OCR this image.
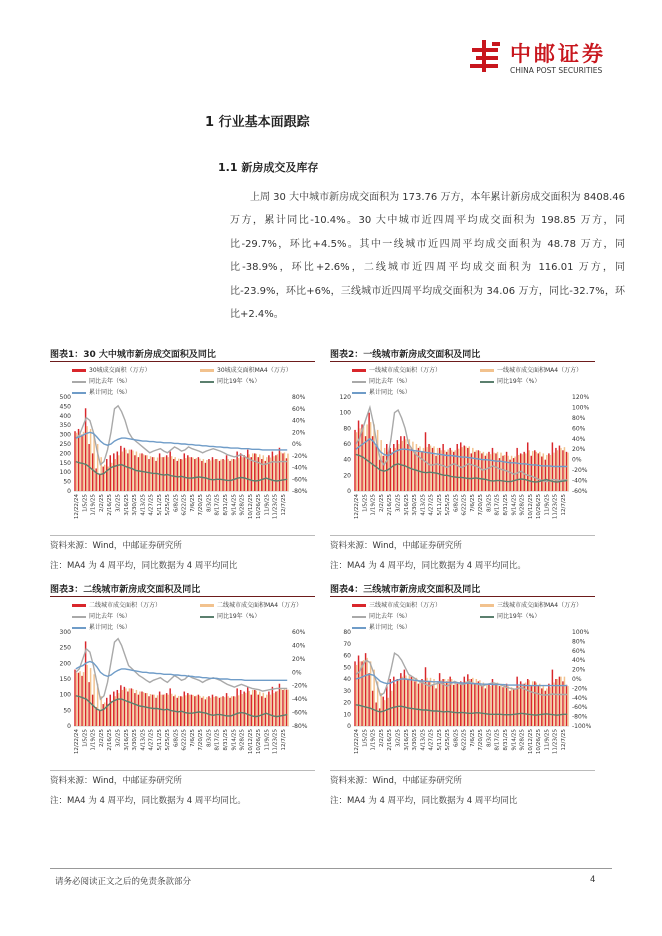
中邮证券
CHINA POST SECURITIES
1 行业基本面跟踪
1.1 新房成交及库存
上周 30 大中城市新房成交面积为 173.76 万方，本年累计新房成交面积为 8408.46 万方，累计同比-10.4%。30 大中城市近四周平均成交面积为 198.85 万方，同比-29.7%，环比+4.5%。其中一线城市近四周平均成交面积为 48.78 万方，同比-38.9%，环比+2.6%，二线城市近四周平均成交面积为 116.01 万方，同比-23.9%，环比+6%，三线城市近四周平均成交面积为 34.06 万方，同比-32.7%，环比+2.4%。
图表1：30 大中城市新房成交面积及同比
30城成交面积（万方）	30城成交面积MA4（万方）同比去年（%）	同比19年（%）累计同比（%）
0
50
100
150
200
250
300
350
400
450
500	80%
60%
40%
20%
0%
-20%
-40%
-60%
-80%
12/22/24 1/5/25 1/19/25 2/2/25 2/16/25 3/2/25 3/16/25 3/30/25 4/13/25 4/27/25 5/11/25 5/25/25 6/8/25 6/22/25 7/6/25 7/20/25 8/3/25 8/17/25 8/31/25 9/14/25 9/28/25 10/12/25 10/26/25 11/9/25 11/23/25 12/7/25
资料来源：Wind，中邮证券研究所
注：MA4 为 4 周平均，同比数据为 4 周平均同比
图表2：一线城市新房成交面积及同比
一线城市成交面积（万方）	一线城市成交面积MA4（万方）同比去年（%）	同比19年（%）累计同比（%）
0
20
40
60
80
100
120	120%
100%
80%
60%
40%
20%
0%
-20%
-40%
-60%
12/22/24 1/5/25 1/19/25 2/2/25 2/16/25 3/2/25 3/16/25 3/30/25 4/13/25 4/27/25 5/11/25 5/25/25 6/8/25 6/22/25 7/6/25 7/20/25 8/3/25 8/17/25 8/31/25 9/14/25 9/28/25 10/12/25 10/26/25 11/9/25 11/23/25 12/7/25
资料来源：Wind，中邮证券研究所
注：MA4 为 4 周平均，同比数据为 4 周平均同比。
图表3：二线城市新房成交面积及同比
二线城市成交面积（万方）	二线城市成交面积MA4（万方）同比去年（%）	同比19年（%）累计同比（%）
0
50
100
150
200
250
300	60%
40%
20%
0%
-20%
-40%
-60%
-80%
12/22/24 1/5/25 1/19/25 2/2/25 2/16/25 3/2/25 3/16/25 3/30/25 4/13/25 4/27/25 5/11/25 5/25/25 6/8/25 6/22/25 7/6/25 7/20/25 8/3/25 8/17/25 8/31/25 9/14/25 9/28/25 10/12/25 10/26/25 11/9/25 11/23/25 12/7/25
资料来源：Wind，中邮证券研究所
注：MA4 为 4 周平均，同比数据为 4 周平均同比。
图表4：三线城市新房成交面积及同比
三线城市成交面积（万方）	三线城市成交面积MA4（万方）同比去年（%）	同比19年（%）累计同比（%）
0
10
20
30
40
50
60
70
80	100%
80%
60%
40%
20%
0%
-20%
-40%
-60%
-80%
-100%
12/22/24 1/5/25 1/19/25 2/2/25 2/16/25 3/2/25 3/16/25 3/30/25 4/13/25 4/27/25 5/11/25 5/25/25 6/8/25 6/22/25 7/6/25 7/20/25 8/3/25 8/17/25 8/31/25 9/14/25 9/28/25 10/12/25 10/26/25 11/9/25 11/23/25 12/7/25
资料来源：Wind，中邮证券研究所
注：MA4 为 4 周平均，同比数据为 4 周平均同比
请务必阅读正文之后的免责条款部分	4
